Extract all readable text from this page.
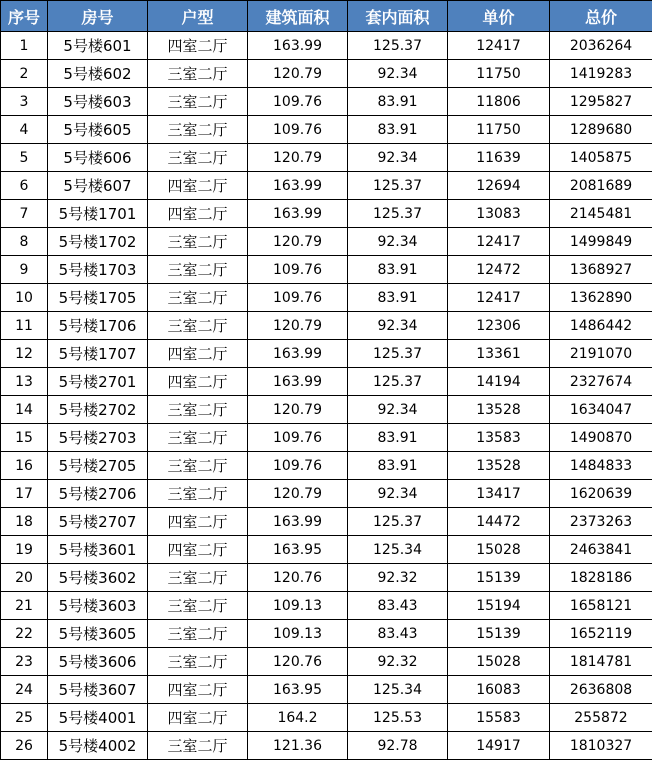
序号	房号	户型	建筑面积	套内面积	单价	总价
1	5号楼601	四室二厅	163.99	125.37	12417	2036264
2	5号楼602	三室二厅	120.79	92.34	11750	1419283
3	5号楼603	三室二厅	109.76	83.91	11806	1295827
4	5号楼605	三室二厅	109.76	83.91	11750	1289680
5	5号楼606	三室二厅	120.79	92.34	11639	1405875
6	5号楼607	四室二厅	163.99	125.37	12694	2081689
7	5号楼1701	四室二厅	163.99	125.37	13083	2145481
8	5号楼1702	三室二厅	120.79	92.34	12417	1499849
9	5号楼1703	三室二厅	109.76	83.91	12472	1368927
10	5号楼1705	三室二厅	109.76	83.91	12417	1362890
11	5号楼1706	三室二厅	120.79	92.34	12306	1486442
12	5号楼1707	四室二厅	163.99	125.37	13361	2191070
13	5号楼2701	四室二厅	163.99	125.37	14194	2327674
14	5号楼2702	三室二厅	120.79	92.34	13528	1634047
15	5号楼2703	三室二厅	109.76	83.91	13583	1490870
16	5号楼2705	三室二厅	109.76	83.91	13528	1484833
17	5号楼2706	三室二厅	120.79	92.34	13417	1620639
18	5号楼2707	四室二厅	163.99	125.37	14472	2373263
19	5号楼3601	四室二厅	163.95	125.34	15028	2463841
20	5号楼3602	三室二厅	120.76	92.32	15139	1828186
21	5号楼3603	三室二厅	109.13	83.43	15194	1658121
22	5号楼3605	三室二厅	109.13	83.43	15139	1652119
23	5号楼3606	三室二厅	120.76	92.32	15028	1814781
24	5号楼3607	四室二厅	163.95	125.34	16083	2636808
25	5号楼4001	四室二厅	164.2	125.53	15583	255872
26	5号楼4002	三室二厅	121.36	92.78	14917	1810327
